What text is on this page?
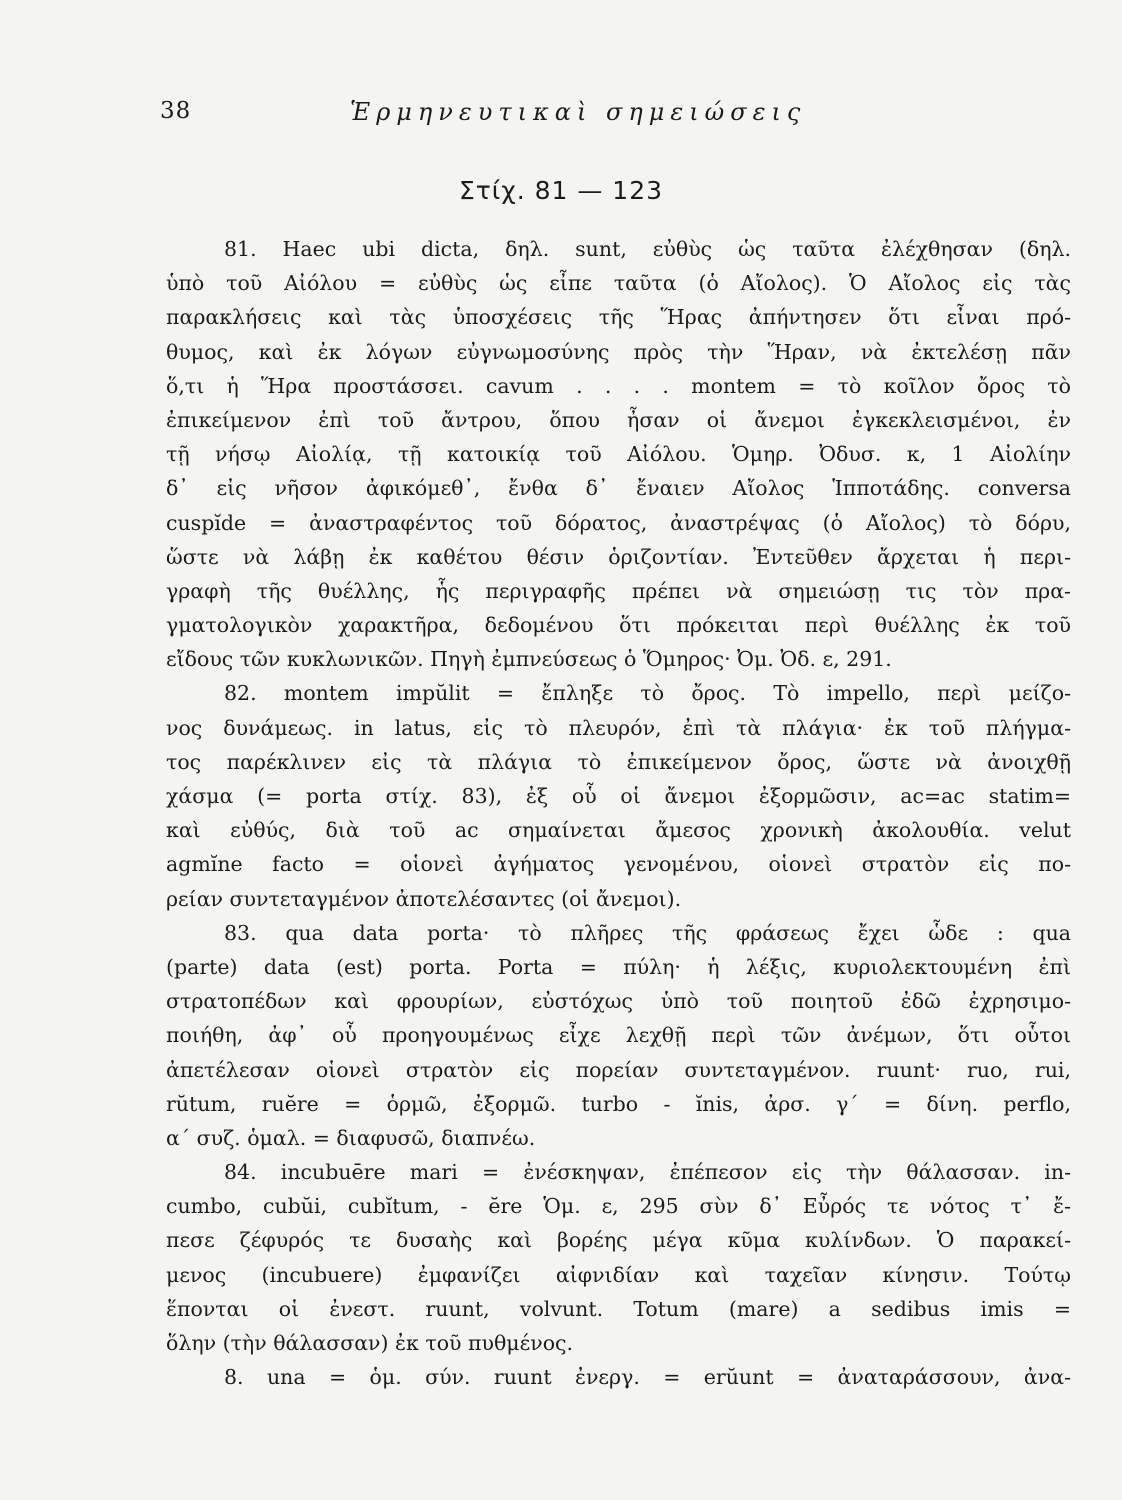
38	Ἑρμηνευτικαὶ σημειώσεις
Στίχ. 81 — 123
81. Haec ubi dicta, δηλ. sunt, εὐθὺς ὡς ταῦτα ἐλέχθησαν (δηλ.
ὑπὸ τοῦ Αἰόλου = εὐθὺς ὡς εἶπε ταῦτα (ὁ Αἴολος). Ὁ Αἴολος εἰς τὰς
παρακλήσεις καὶ τὰς ὑποσχέσεις τῆς Ἥρας ἀπήντησεν ὅτι εἶναι πρό-
θυμος, καὶ ἐκ λόγων εὐγνωμοσύνης πρὸς τὴν Ἥραν, νὰ ἐκτελέσῃ πᾶν
ὅ,τι ἡ Ἥρα προστάσσει. cavum . . . . montem = τὸ κοῖλον ὄρος τὸ
ἐπικείμενον ἐπὶ τοῦ ἄντρου, ὅπου ἦσαν οἱ ἄνεμοι ἐγκεκλεισμένοι, ἐν
τῇ νήσῳ Αἰολίᾳ, τῇ κατοικίᾳ τοῦ Αἰόλου. Ὁμηρ. Ὀδυσ. κ, 1 Αἰολίην
δ᾽ εἰς νῆσον ἀφικόμεθ᾽, ἔνθα δ᾽ ἔναιεν Αἴολος Ἱπποτάδης. conversa
cuspĭde = ἀναστραφέντος τοῦ δόρατος, ἀναστρέψας (ὁ Αἴολος) τὸ δόρυ,
ὥστε νὰ λάβῃ ἐκ καθέτου θέσιν ὁριζοντίαν. Ἐντεῦθεν ἄρχεται ἡ περι-
γραφὴ τῆς θυέλλης, ἧς περιγραφῆς πρέπει νὰ σημειώσῃ τις τὸν πρα-
γματολογικὸν χαρακτῆρα, δεδομένου ὅτι πρόκειται περὶ θυέλλης ἐκ τοῦ
εἴδους τῶν κυκλωνικῶν. Πηγὴ ἐμπνεύσεως ὁ Ὅμηρος· Ὀμ. Ὀδ. ε, 291.
82. montem impŭlit = ἔπληξε τὸ ὄρος. Τὸ impello, περὶ μείζο-
νος δυνάμεως. in latus, εἰς τὸ πλευρόν, ἐπὶ τὰ πλάγια· ἐκ τοῦ πλήγμα-
τος παρέκλινεν εἰς τὰ πλάγια τὸ ἐπικείμενον ὄρος, ὥστε νὰ ἀνοιχθῇ
χάσμα (= porta στίχ. 83), ἐξ οὗ οἱ ἄνεμοι ἐξορμῶσιν, ac=ac statim=
καὶ εὐθύς, διὰ τοῦ ac σημαίνεται ἄμεσος χρονικὴ ἀκολουθία. velut
agmĭne facto = οἱονεὶ ἀγήματος γενομένου, οἱονεὶ στρατὸν εἰς πο-
ρείαν συντεταγμένον ἀποτελέσαντες (οἱ ἄνεμοι).
83. qua data porta· τὸ πλῆρες τῆς φράσεως ἔχει ὧδε : qua
(parte) data (est) porta. Porta = πύλη· ἡ λέξις, κυριολεκτουμένη ἐπὶ
στρατοπέδων καὶ φρουρίων, εὐστόχως ὑπὸ τοῦ ποιητοῦ ἐδῶ ἐχρησιμο-
ποιήθη, ἀφ᾽ οὗ προηγουμένως εἶχε λεχθῇ περὶ τῶν ἀνέμων, ὅτι οὗτοι
ἀπετέλεσαν οἱονεὶ στρατὸν εἰς πορείαν συντεταγμένον. ruunt· ruo, rui,
rŭtum, ruĕre = ὁρμῶ, ἐξορμῶ. turbo - ĭnis, ἀρσ. γ΄ = δίνη. perflo,
α΄ συζ. ὁμαλ. = διαφυσῶ, διαπνέω.
84. incubuēre mari = ἐνέσκηψαν, ἐπέπεσον εἰς τὴν θάλασσαν. in-
cumbo, cubŭi, cubĭtum, - ĕre Ὁμ. ε, 295 σὺν δ᾽ Εὖρός τε νότος τ᾽ ἔ-
πεσε ζέφυρός τε δυσαὴς καὶ βορέης μέγα κῦμα κυλίνδων. Ὁ παρακεί-
μενος (incubuere) ἐμφανίζει αἰφνιδίαν καὶ ταχεῖαν κίνησιν. Τούτῳ
ἕπονται οἱ ἐνεστ. ruunt, volvunt. Totum (mare) a sedibus imis =
ὅλην (τὴν θάλασσαν) ἐκ τοῦ πυθμένος.
8. una = ὁμ. σύν. ruunt ἐνεργ. = erŭunt = ἀναταράσσουν, ἀνα-
